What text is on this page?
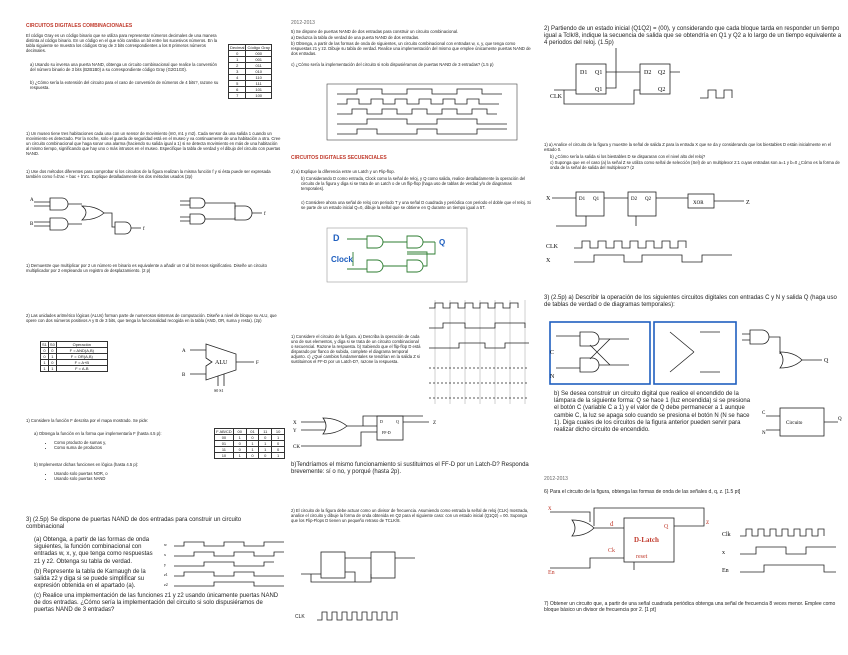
CIRCUITOS DIGITALES COMBINACIONALES

El código Gray es un código binario que se utiliza para representar números decimales de una manera distinta al código binario. En un código en el que sólo cambia un bit entre los sucesivos números. En la tabla siguiente se muestra los códigos Gray de 3 bits correspondientes a los 8 primeros números decimales.

a) Usando su inversa una puerta NAND, obtenga un circuito combinacional que realice la conversión del número binario de 3 bits (B2B1B0) a su correspondiente código Gray (G2G1G0).

b) ¿Cómo sería la extensión del circuito para el caso de conversión de números de 4 bits?, razone su respuesta.

Decimal	Código Gray
0	000
1	001
2	011
3	010
4	110
5	111
6	101
7	100

1) Un museo tiene tres habitaciones cada una con un sensor de movimiento (m0, m1 y m2). Cada sensor da una salida 1 cuando un movimiento es detectado. Por la noche, solo el guarda de seguridad está en el museo y va continuamente de una habitación a otra. Cree un circuito combinacional que haga sonar una alarma (haciendo su salida igual a 1) si se detecta movimiento en más de una habitación al mismo tiempo, significando que hay uno o más intrusos en el museo. Especifique la tabla de verdad y el dibujo del circuito con puertas NAND.

1) Use dos métodos diferentes para comprobar si los circuitos de la figura realizan la misma función f y si ésta puede ser expresada también como f=b'ac + bac + b'a'c. Explique detalladamente los dos métodos usados (2p)

A
B
f
f

1) Demuestre que multiplicar por 2 un número en binario es equivalente a añadir un 0 al bit menos significativo. Diseñe un circuito multiplicador por 2 empleando un registro de desplazamiento. (2 p)

2) Las unidades aritmético lógicas (ALUs) forman parte de numerosos sistemas de computación. Diseñe a nivel de bloque su ALU, que opere con dos números positivos A y B de 3 bits, que tenga la funcionalidad recogida en la tabla (AND, OR, suma y resta). (2p)

S1	S0	Operación
0	0	F = AND(A,B)
0	1	F = OR(A,B)
1	0	F = A+B
1	1	F = A-B
A
B
F
ALU
S0 S1

1) Considere la función F descrita por el mapa mostrado. Se pide:

a) Obtenga la función en la forma que implementaría F (hasta 4.5 p):

• Como producto de sumas y,
• Como suma de productos

b) Implementar dichas funciones en lógica (hasta 4.5 p):

• Usando solo puertas NOR, o
• Usando solo puertas NAND
F AB/CD	00	01	11	10
00	1	0	0	1
01	0	1	1	0
11	0	1	1	0
10	1	0	0	1

3) (2.5p) Se dispone de puertas NAND de dos entradas para construir un circuito combinacional

(a) Obtenga, a partir de las formas de onda siguientes, la función combinacional con entradas w, x, y, que tenga como respuestas z1 y z2. Obtenga su tabla de verdad.

(b) Represente la tabla de Karnaugh de la salida z2 y diga si se puede simplificar su expresión obtenida en el apartado (a).

(c) Realice una implementación de las funciones z1 y z2 usando únicamente puertas NAND de dos entradas. ¿Cómo sería la implementación del circuito si solo dispusiéramos de puertas NAND de 3 entradas?

w
x
y
z1
z2

2012-2013

5) Se dispone de puertas NAND de dos entradas para construir un circuito combinacional.

a) Deduzca la tabla de verdad de una puerta NAND de dos entradas.

b) Obtenga, a partir de las formas de onda de siguientes, un circuito combinacional con entradas w, x, y, que tenga como respuestas z1 y z2. Dibuje su tabla de verdad. Realice una implementación del mismo que emplee únicamente puertas NAND de dos entradas.

c) ¿Cómo sería la implementación del circuito si solo dispusiéramos de puertas NAND de 3 entradas? (1.5 p)

CIRCUITOS DIGITALES SECUENCIALES

2) a) Explique la diferencia entre un Latch y un Flip-flop.

b) Considerando D como entrada, Clock como la señal de reloj, y Q como salida, realice detalladamente la operación del circuito de la figura y diga si se trata de un Latch o de un flip-flop (haga uso de tablas de verdad y/o de diagramas temporales).

c) Considere ahora una señal de reloj con periodo T y una señal D cuadrada y periódica con periodo el doble que el reloj. Si se parte de un estado inicial Q=0, dibuje la señal que se obtiene en Q durante un tiempo igual a 5T.

D
Clock
Q

1) Considere el circuito de la figura. a) Describa la operación de cada uno de sus elementos, y diga si se trata de un circuito combinacional o secuencial. Razone la respuesta. b) Sabiendo que el flip-flop D está disparado por flanco de subida, complete el diagrama temporal adjunto. c) ¿Qué cambios fundamentales se tendrían en la salida Z si sustituimos el FF-D por un Latch-D?, razone la respuesta.

X
Y
CK
D	Q
FF-D
Z

b)Tendríamos el mismo funcionamiento si sustituimos el FF-D por un Latch-D? Responda brevemente: sí o no, y porqué (hasta 2p).

2) El circuito de la figura debe actuar como un divisor de frecuencia. Asumiendo como entrada la señal de reloj (CLK) mostrada, analice el circuito y dibuje la forma de onda obtenida en Q2 para el siguiente caso: con un estado inicial (Q1Q2) = 00. Suponga que los Flip-Flops D tienen un pequeño retraso de TCLK/8.

CLK

2) Partiendo de un estado inicial (Q1Q2) = (00), y considerando que cada bloque tarda en responder un tiempo igual a Tclk/8, indique la secuencia de salida que se obtendría en Q1 y Q2 a lo largo de un tiempo equivalente a 4 periodos del reloj. (1.5p)

D1 Q1
Q1
D2 Q2
Q2
CLK

1) a) Analice el circuito de la figura y muestre la señal de salida Z para la entrada X que se da y considerando que los biestables D están inicialmente en el estado 0.

b) ¿Cómo sería la salida si los biestables D se dispararan con el nivel alto del reloj?

c) Suponga que en el caso (a) la señal Z se utiliza como señal de selección (Sel) de un multiplexor 2:1 cuyas entradas son a=1 y b=0 ¿Cómo es la forma de onda de la señal de salida del multiplexor? (2

X	D1 Q1	D2 Q2
XOR	Z
CLK
X

3) (2.5p) a) Describir la operación de los siguientes circuitos digitales con entradas C y N y salida Q (haga uso de tablas de verdad o de diagramas temporales):

C
N
Q

b) Se desea construir un circuito digital que realice el encendido de la lámpara de la siguiente forma: Q se hace 1 (luz encendida) si se presiona el botón C (variable C a 1) y el valor de Q debe permanecer a 1 aunque cambie C, la luz se apaga solo cuando se presiona el botón N (N se hace 1). Diga cuales de los circuitos de la figura anterior pueden servir para realizar dicho circuito de encendido.

C
N
Circuito
Q

2012-2013

6) Para el circuito de la figura, obtenga las formas de onda de las señales d, q, z. [1.5 pt]

x
z
d	Q
Ck
D-Latch
reset
En
Clk
x
En

7) Obtener un circuito que, a partir de una señal cuadrada periódica obtenga una señal de frecuencia 8 veces menor. Emplee como bloque básico un divisor de frecuencia por 2. [1 pt]
